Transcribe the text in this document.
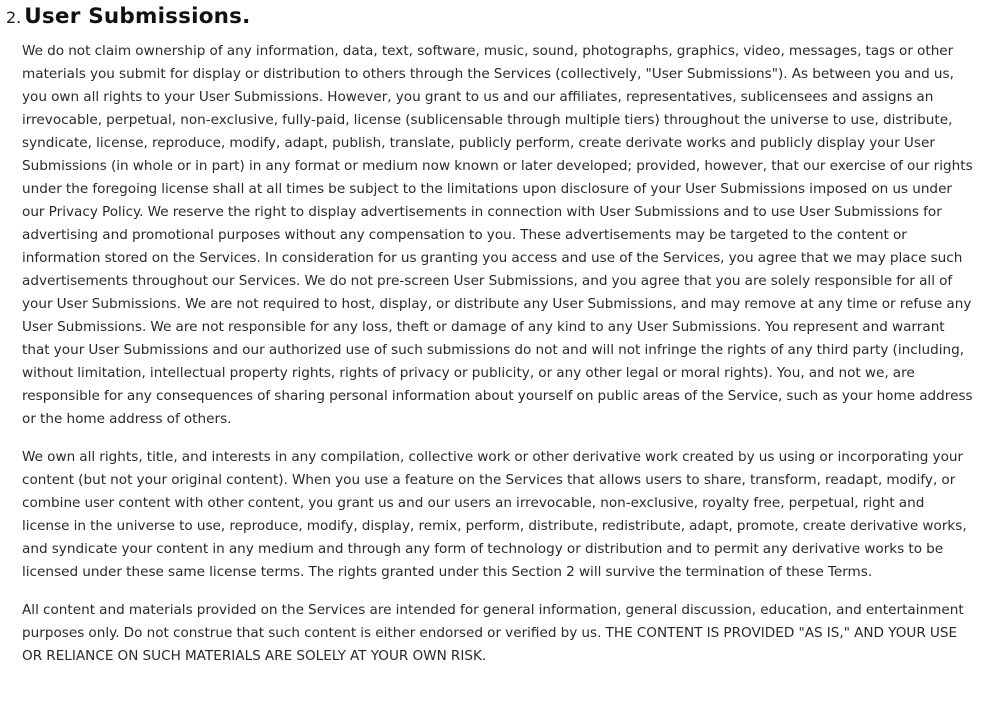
2. User Submissions.

We do not claim ownership of any information, data, text, software, music, sound, photographs, graphics, video, messages, tags or other materials you submit for display or distribution to others through the Services (collectively, "User Submissions"). As between you and us, you own all rights to your User Submissions. However, you grant to us and our affiliates, representatives, sublicensees and assigns an irrevocable, perpetual, non-exclusive, fully-paid, license (sublicensable through multiple tiers) throughout the universe to use, distribute, syndicate, license, reproduce, modify, adapt, publish, translate, publicly perform, create derivate works and publicly display your User Submissions (in whole or in part) in any format or medium now known or later developed; provided, however, that our exercise of our rights under the foregoing license shall at all times be subject to the limitations upon disclosure of your User Submissions imposed on us under our Privacy Policy. We reserve the right to display advertisements in connection with User Submissions and to use User Submissions for advertising and promotional purposes without any compensation to you. These advertisements may be targeted to the content or information stored on the Services. In consideration for us granting you access and use of the Services, you agree that we may place such advertisements throughout our Services. We do not pre-screen User Submissions, and you agree that you are solely responsible for all of your User Submissions. We are not required to host, display, or distribute any User Submissions, and may remove at any time or refuse any User Submissions. We are not responsible for any loss, theft or damage of any kind to any User Submissions. You represent and warrant that your User Submissions and our authorized use of such submissions do not and will not infringe the rights of any third party (including, without limitation, intellectual property rights, rights of privacy or publicity, or any other legal or moral rights). You, and not we, are responsible for any consequences of sharing personal information about yourself on public areas of the Service, such as your home address or the home address of others.

We own all rights, title, and interests in any compilation, collective work or other derivative work created by us using or incorporating your content (but not your original content). When you use a feature on the Services that allows users to share, transform, readapt, modify, or combine user content with other content, you grant us and our users an irrevocable, non-exclusive, royalty free, perpetual, right and license in the universe to use, reproduce, modify, display, remix, perform, distribute, redistribute, adapt, promote, create derivative works, and syndicate your content in any medium and through any form of technology or distribution and to permit any derivative works to be licensed under these same license terms. The rights granted under this Section 2 will survive the termination of these Terms.

All content and materials provided on the Services are intended for general information, general discussion, education, and entertainment purposes only. Do not construe that such content is either endorsed or verified by us. THE CONTENT IS PROVIDED "AS IS," AND YOUR USE OR RELIANCE ON SUCH MATERIALS ARE SOLELY AT YOUR OWN RISK.
